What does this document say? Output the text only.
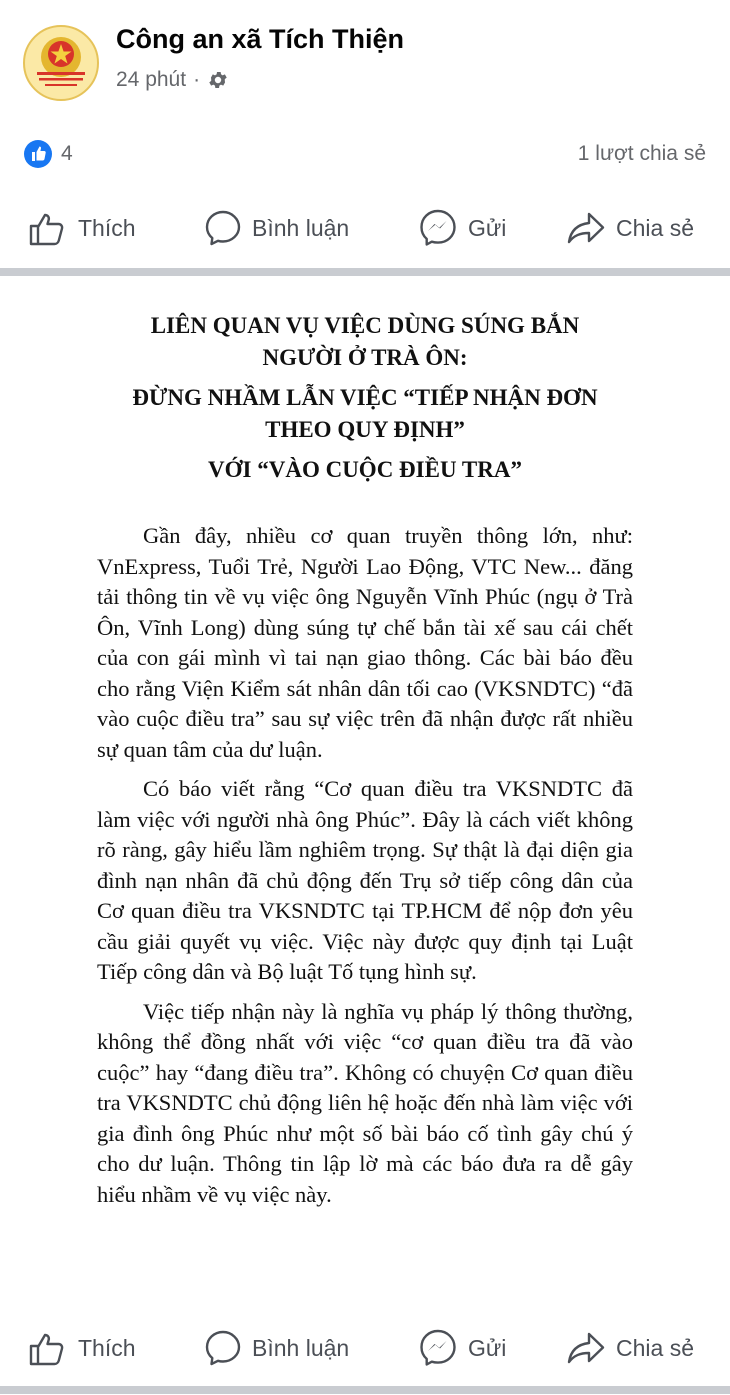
Công an xã Tích Thiện
24 phút ·
4	1 lượt chia sẻ
Thích	Bình luận	Gửi	Chia sẻ
LIÊN QUAN VỤ VIỆC DÙNG SÚNG BẮN
NGƯỜI Ở TRÀ ÔN:
ĐỪNG NHẦM LẪN VIỆC “TIẾP NHẬN ĐƠN
THEO QUY ĐỊNH”
VỚI “VÀO CUỘC ĐIỀU TRA”

Gần đây, nhiều cơ quan truyền thông lớn, như: VnExpress, Tuổi Trẻ, Người Lao Động, VTC New... đăng tải thông tin về vụ việc ông Nguyễn Vĩnh Phúc (ngụ ở Trà Ôn, Vĩnh Long) dùng súng tự chế bắn tài xế sau cái chết của con gái mình vì tai nạn giao thông. Các bài báo đều cho rằng Viện Kiểm sát nhân dân tối cao (VKSNDTC) “đã vào cuộc điều tra” sau sự việc trên đã nhận được rất nhiều sự quan tâm của dư luận.

Có báo viết rằng “Cơ quan điều tra VKSNDTC đã làm việc với người nhà ông Phúc”. Đây là cách viết không rõ ràng, gây hiểu lầm nghiêm trọng. Sự thật là đại diện gia đình nạn nhân đã chủ động đến Trụ sở tiếp công dân của Cơ quan điều tra VKSNDTC tại TP.HCM để nộp đơn yêu cầu giải quyết vụ việc. Việc này được quy định tại Luật Tiếp công dân và Bộ luật Tố tụng hình sự.

Việc tiếp nhận này là nghĩa vụ pháp lý thông thường, không thể đồng nhất với việc “cơ quan điều tra đã vào cuộc” hay “đang điều tra”. Không có chuyện Cơ quan điều tra VKSNDTC chủ động liên hệ hoặc đến nhà làm việc với gia đình ông Phúc như một số bài báo cố tình gây chú ý cho dư luận. Thông tin lập lờ mà các báo đưa ra dễ gây hiểu nhầm về vụ việc này.

Thích	Bình luận	Gửi	Chia sẻ
